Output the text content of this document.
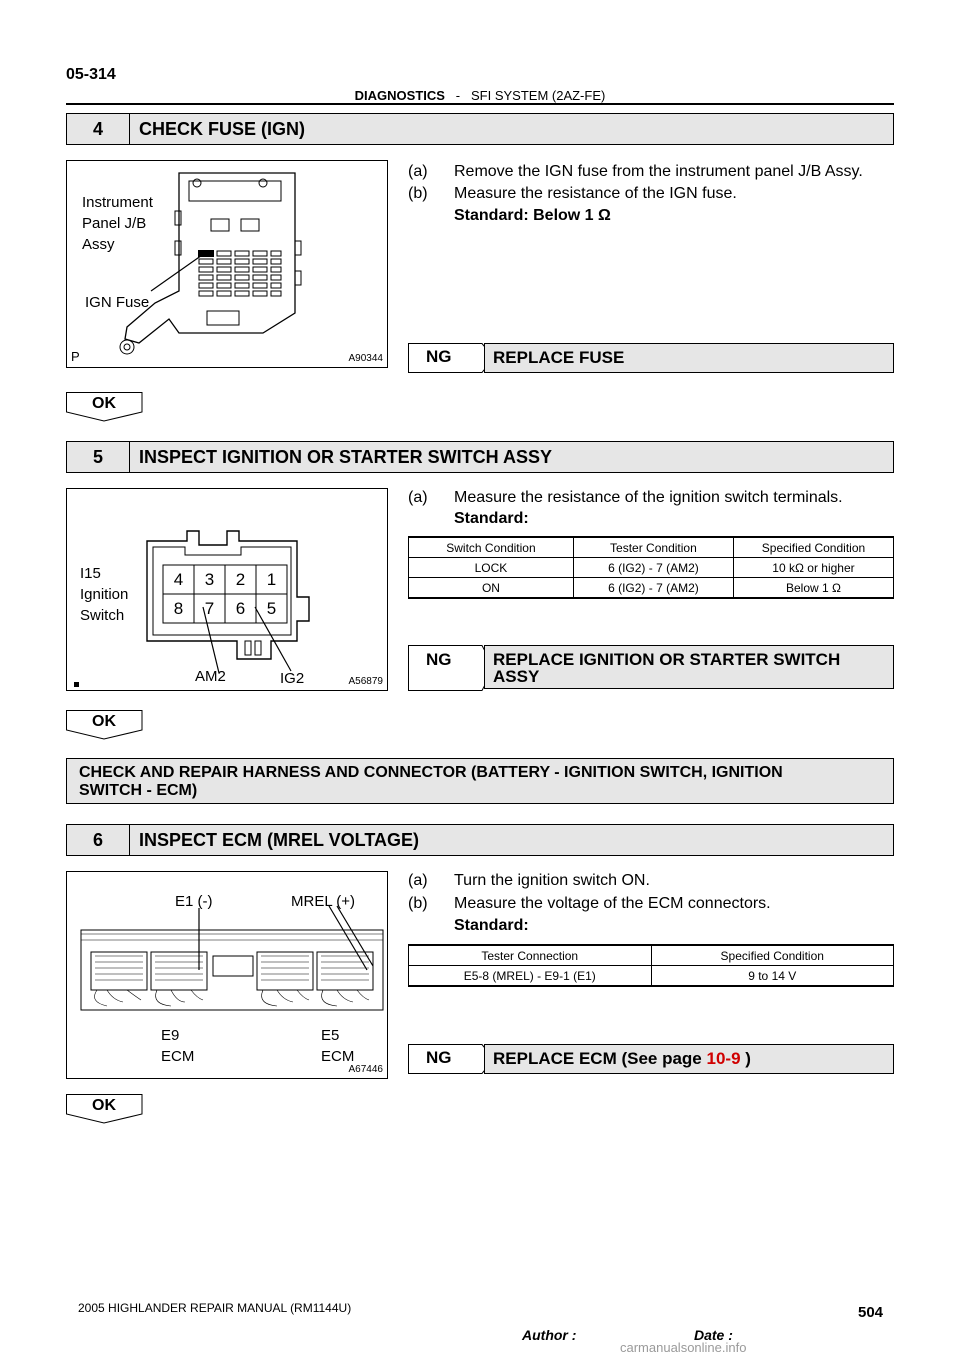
05-314
DIAGNOSTICS - SFI SYSTEM (2AZ-FE)
4	CHECK FUSE (IGN)
Instrument
Panel J/B
Assy
IGN Fuse
P	A90344
(a) Remove the IGN fuse from the instrument panel J/B Assy.
(b) Measure the resistance of the IGN fuse.
Standard: Below 1 Ω
NG	REPLACE FUSE
OK
5	INSPECT IGNITION OR STARTER SWITCH ASSY
4	3	2	1
8	7	6	5
I15
Ignition
Switch
AM2	IG2	A56879
(a) Measure the resistance of the ignition switch terminals.
Standard:
Switch Condition	Tester Condition	Specified Condition
LOCK	6 (IG2) - 7 (AM2)	10 kΩ or higher
ON	6 (IG2) - 7 (AM2)	Below 1 Ω
NG	REPLACE IGNITION OR STARTER SWITCH
ASSY
OK
CHECK AND REPAIR HARNESS AND CONNECTOR (BATTERY - IGNITION SWITCH, IGNITION
SWITCH - ECM)
6	INSPECT ECM (MREL VOLTAGE)
E1 (-)	MREL (+)
E9
ECM
E5
ECM
A67446
(a) Turn the ignition switch ON.
(b) Measure the voltage of the ECM connectors.
Standard:
Tester Connection	Specified Condition
E5-8 (MREL) - E9-1 (E1)	9 to 14 V
NG	REPLACE ECM (See page 10-9 )
OK
2005 HIGHLANDER REPAIR MANUAL (RM1144U)	504
Author :	Date :
carmanualsonline.info
